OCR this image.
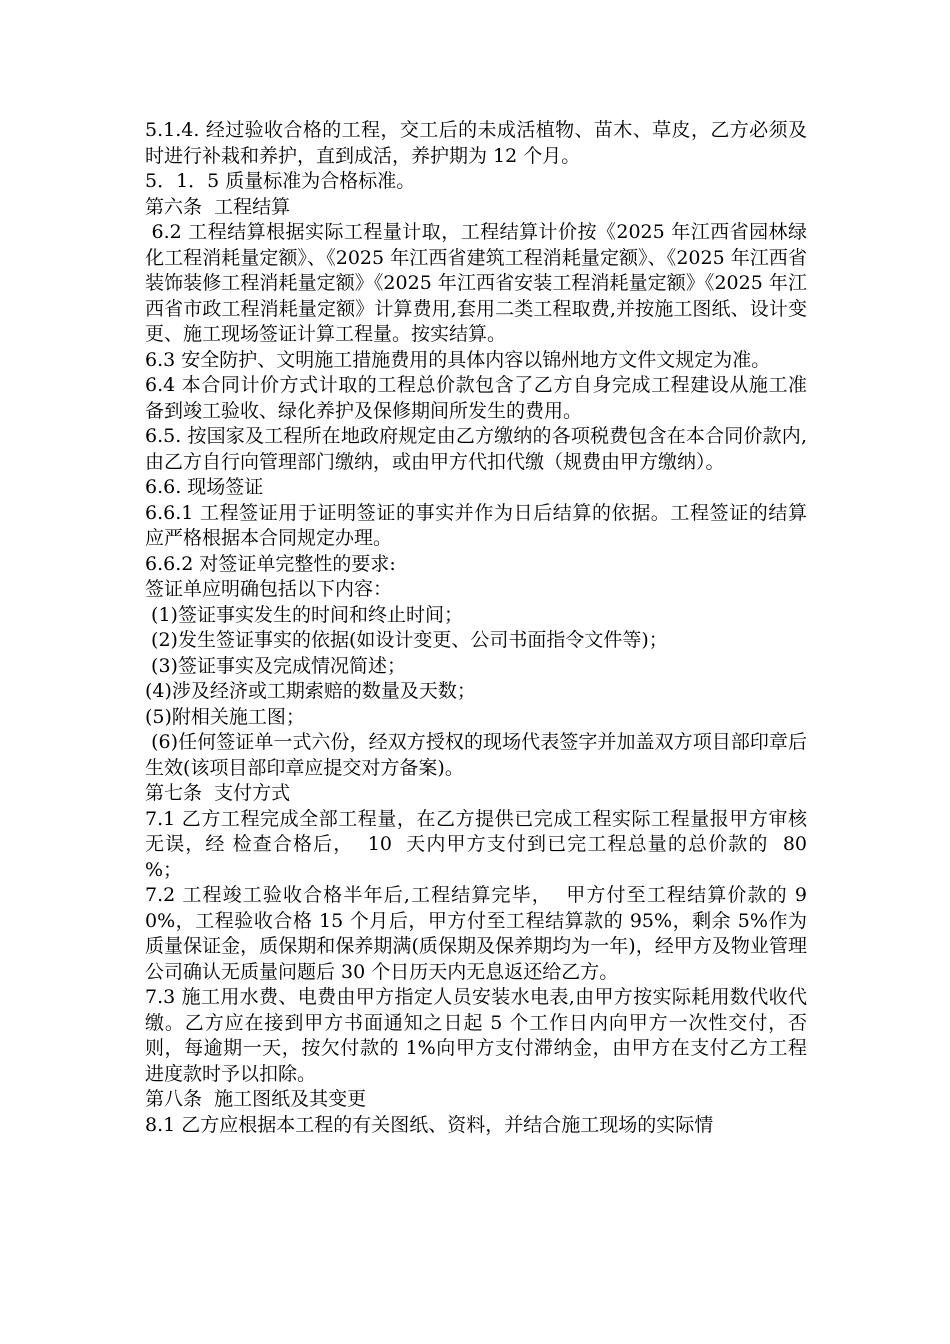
5.1.4. 经过验收合格的工程，交工后的未成活植物、苗木、草皮，乙方必须及时进行补栽和养护，直到成活，养护期为 12 个月。

5．1．5 质量标准为合格标准。

第六条  工程结算

6.2 工程结算根据实际工程量计取，工程结算计价按《2025 年江西省园林绿化工程消耗量定额》、《2025 年江西省建筑工程消耗量定额》、《2025 年江西省装饰装修工程消耗量定额》《2025 年江西省安装工程消耗量定额》《2025 年江西省市政工程消耗量定额》计算费用,套用二类工程取费,并按施工图纸、设计变更、施工现场签证计算工程量。按实结算。

6.3 安全防护、文明施工措施费用的具体内容以锦州地方文件文规定为准。

6.4 本合同计价方式计取的工程总价款包含了乙方自身完成工程建设从施工准备到竣工验收、绿化养护及保修期间所发生的费用。

6.5. 按国家及工程所在地政府规定由乙方缴纳的各项税费包含在本合同价款内,由乙方自行向管理部门缴纳，或由甲方代扣代缴（规费由甲方缴纳）。

6.6. 现场签证

6.6.1 工程签证用于证明签证的事实并作为日后结算的依据。工程签证的结算应严格根据本合同规定办理。

6.6.2 对签证单完整性的要求:

签证单应明确包括以下内容：

(1)签证事实发生的时间和终止时间；

(2)发生签证事实的依据(如设计变更、公司书面指令文件等)；

(3)签证事实及完成情况简述；

(4)涉及经济或工期索赔的数量及天数；

(5)附相关施工图；

(6)任何签证单一式六份，经双方授权的现场代表签字并加盖双方项目部印章后生效(该项目部印章应提交对方备案)。

第七条  支付方式

7.1 乙方工程完成全部工程量，在乙方提供已完成工程实际工程量报甲方审核无误，经 检查合格后，  10  天内甲方支付到已完工程总量的总价款的  80 %；

7.2 工程竣工验收合格半年后,工程结算完毕，  甲方付至工程结算价款的 90%，工程验收合格 15 个月后，甲方付至工程结算款的 95%，剩余 5%作为质量保证金，质保期和保养期满(质保期及保养期均为一年)，经甲方及物业管理公司确认无质量问题后 30 个日历天内无息返还给乙方。

7.3 施工用水费、电费由甲方指定人员安装水电表,由甲方按实际耗用数代收代缴。乙方应在接到甲方书面通知之日起 5 个工作日内向甲方一次性交付，否则，每逾期一天，按欠付款的 1%向甲方支付滞纳金，由甲方在支付乙方工程进度款时予以扣除。

第八条  施工图纸及其变更

8.1 乙方应根据本工程的有关图纸、资料，并结合施工现场的实际情
